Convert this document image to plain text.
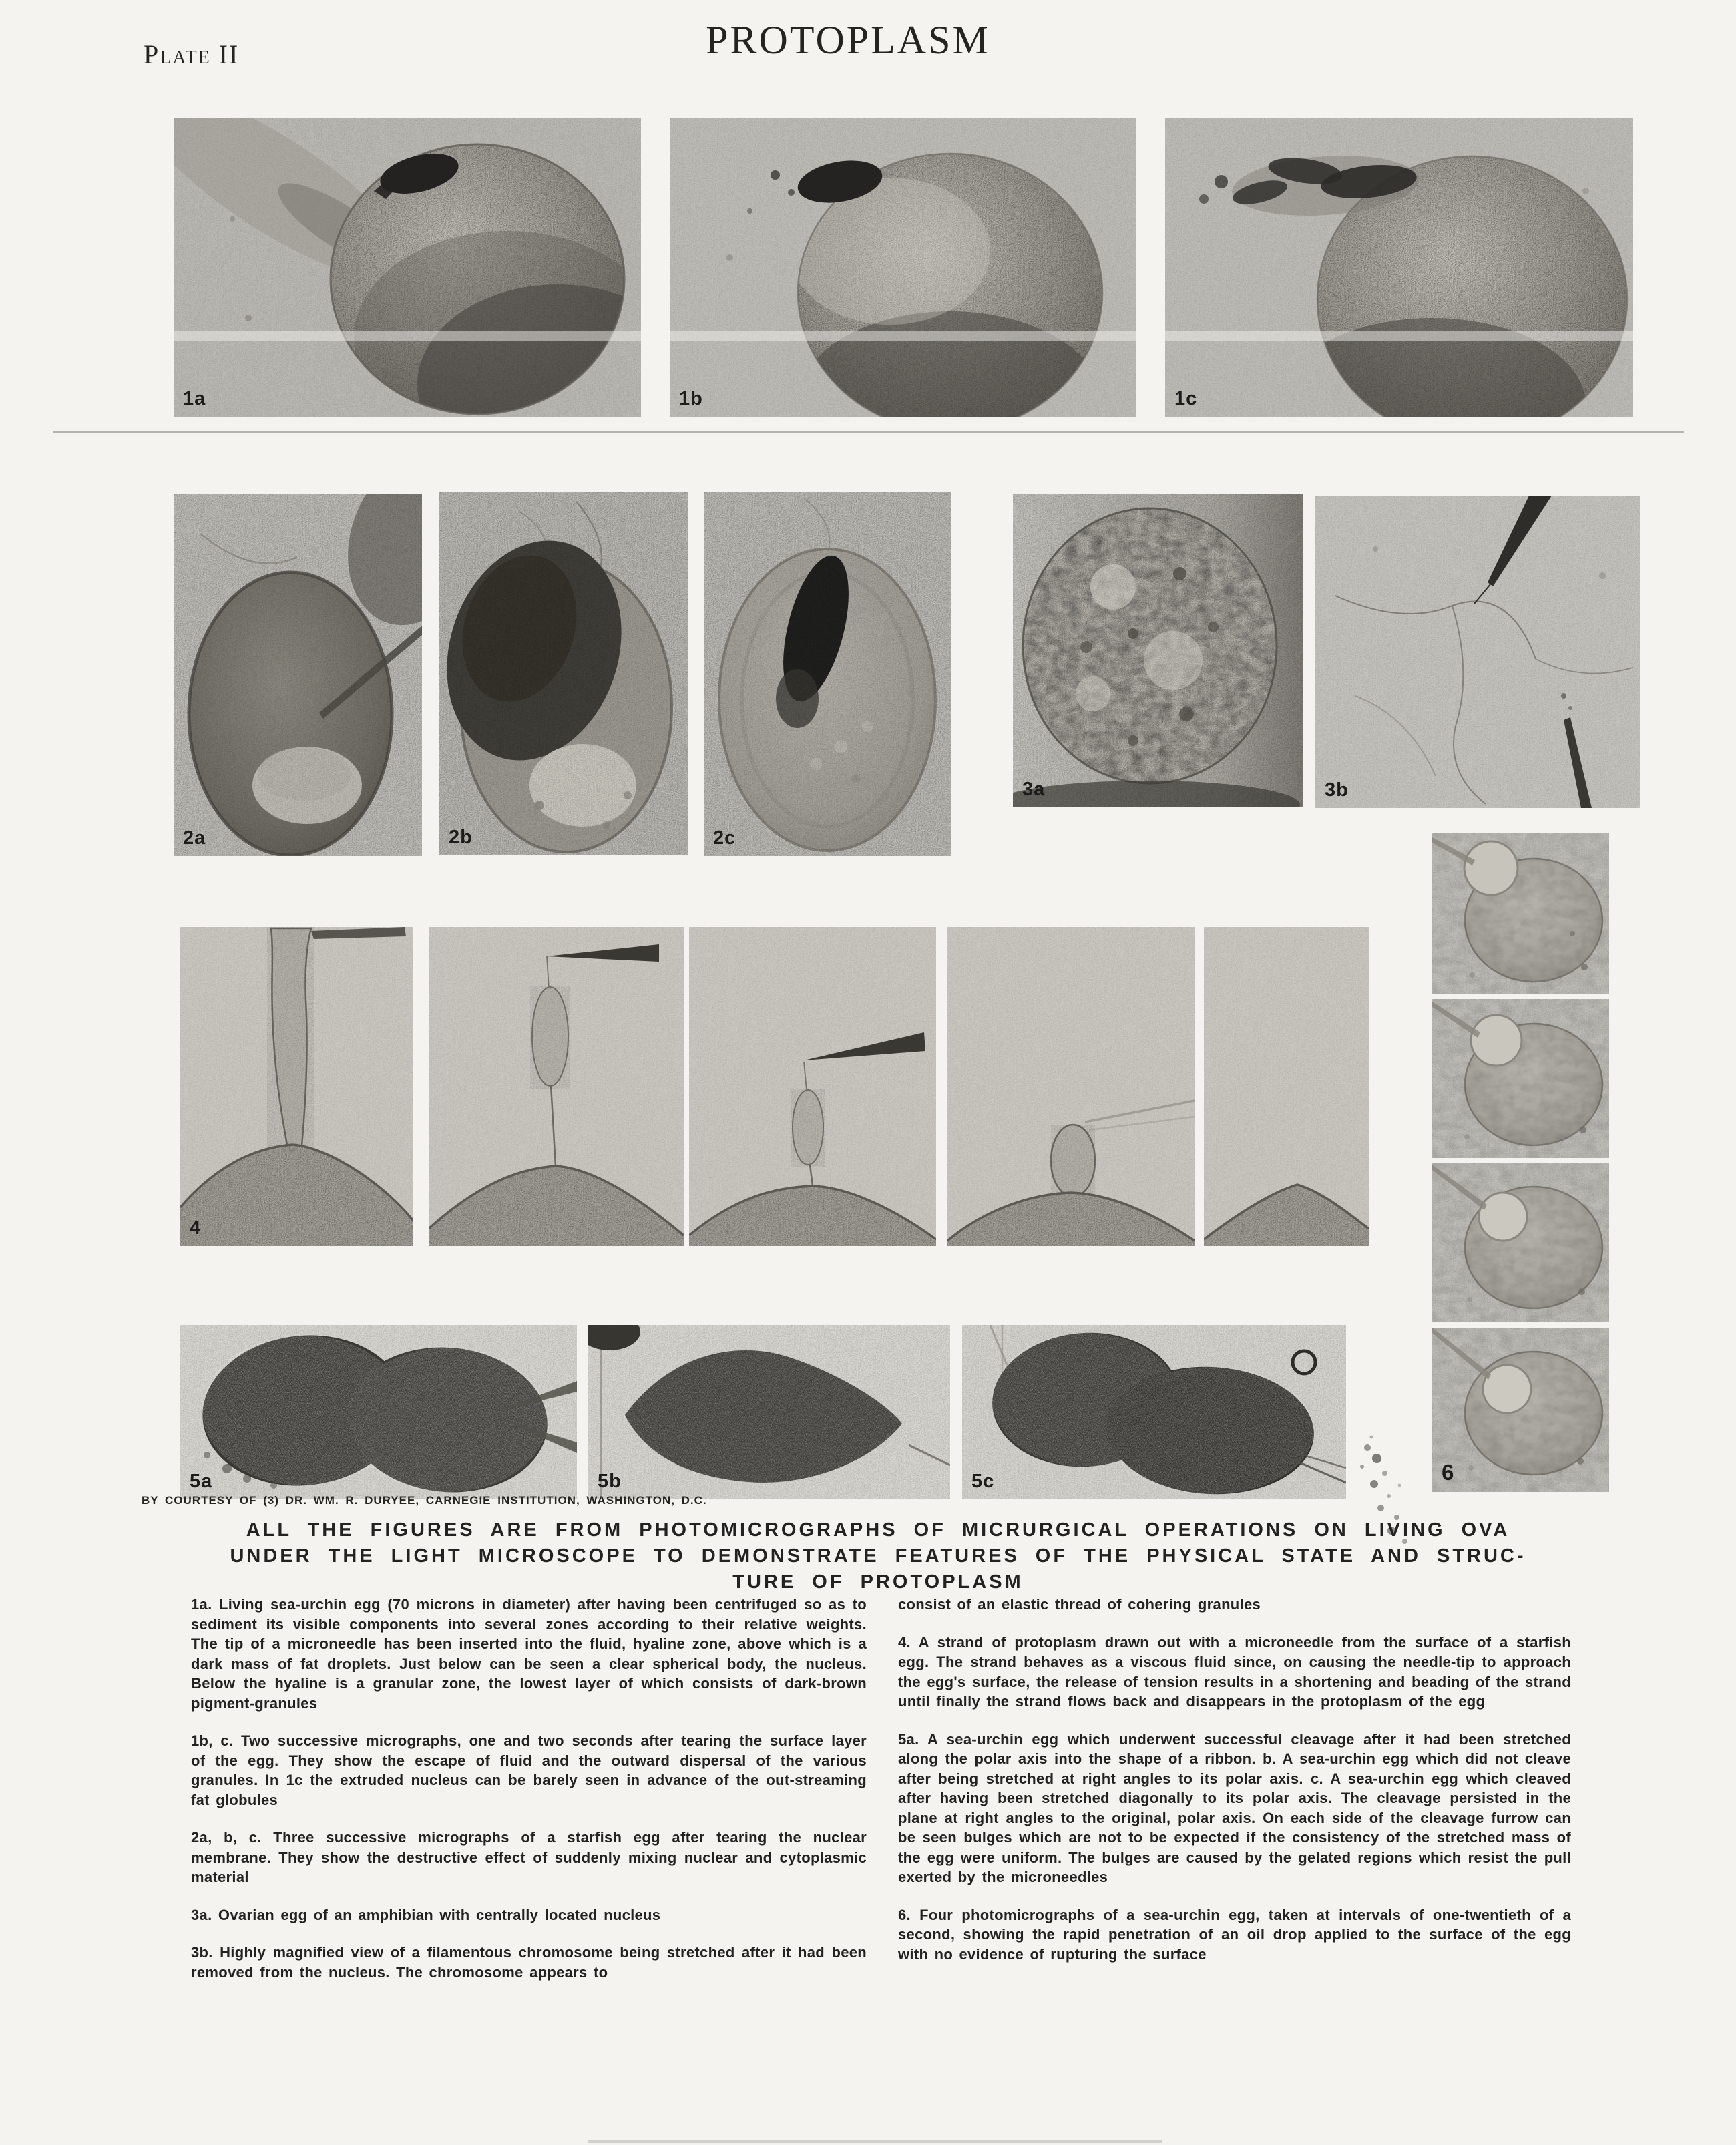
Plate II	PROTOPLASM
1a	1b	1c
2a	2b	2c
3a	3b
4
5a	5b	5c	6
BY COURTESY OF (3) DR. WM. R. DURYEE, CARNEGIE INSTITUTION, WASHINGTON, D.C.
ALL THE FIGURES ARE FROM PHOTOMICROGRAPHS OF MICRURGICAL OPERATIONS ON LIVING OVA
UNDER THE LIGHT MICROSCOPE TO DEMONSTRATE FEATURES OF THE PHYSICAL STATE AND STRUC-
TURE OF PROTOPLASM

1a. Living sea-urchin egg (70 microns in diameter) after having been centrifuged so as to sediment its visible components into several zones according to their relative weights. The tip of a microneedle has been inserted into the fluid, hyaline zone, above which is a dark mass of fat droplets. Just below can be seen a clear spherical body, the nucleus. Below the hyaline is a granular zone, the lowest layer of which consists of dark-brown pigment-granules

1b, c. Two successive micrographs, one and two seconds after tearing the surface layer of the egg. They show the escape of fluid and the outward dispersal of the various granules. In 1c the extruded nucleus can be barely seen in advance of the out-streaming fat globules

2a, b, c. Three successive micrographs of a starfish egg after tearing the nuclear membrane. They show the destructive effect of suddenly mixing nuclear and cytoplasmic material

3a. Ovarian egg of an amphibian with centrally located nucleus

3b. Highly magnified view of a filamentous chromosome being stretched after it had been removed from the nucleus. The chromosome appears to

consist of an elastic thread of cohering granules

4. A strand of protoplasm drawn out with a microneedle from the surface of a starfish egg. The strand behaves as a viscous fluid since, on causing the needle-tip to approach the egg's surface, the release of tension results in a shortening and beading of the strand until finally the strand flows back and disappears in the protoplasm of the egg

5a. A sea-urchin egg which underwent successful cleavage after it had been stretched along the polar axis into the shape of a ribbon. b. A sea-urchin egg which did not cleave after being stretched at right angles to its polar axis. c. A sea-urchin egg which cleaved after having been stretched diagonally to its polar axis. The cleavage persisted in the plane at right angles to the original, polar axis. On each side of the cleavage furrow can be seen bulges which are not to be expected if the consistency of the stretched mass of the egg were uniform. The bulges are caused by the gelated regions which resist the pull exerted by the microneedles

6. Four photomicrographs of a sea-urchin egg, taken at intervals of one-twentieth of a second, showing the rapid penetration of an oil drop applied to the surface of the egg with no evidence of rupturing the surface
